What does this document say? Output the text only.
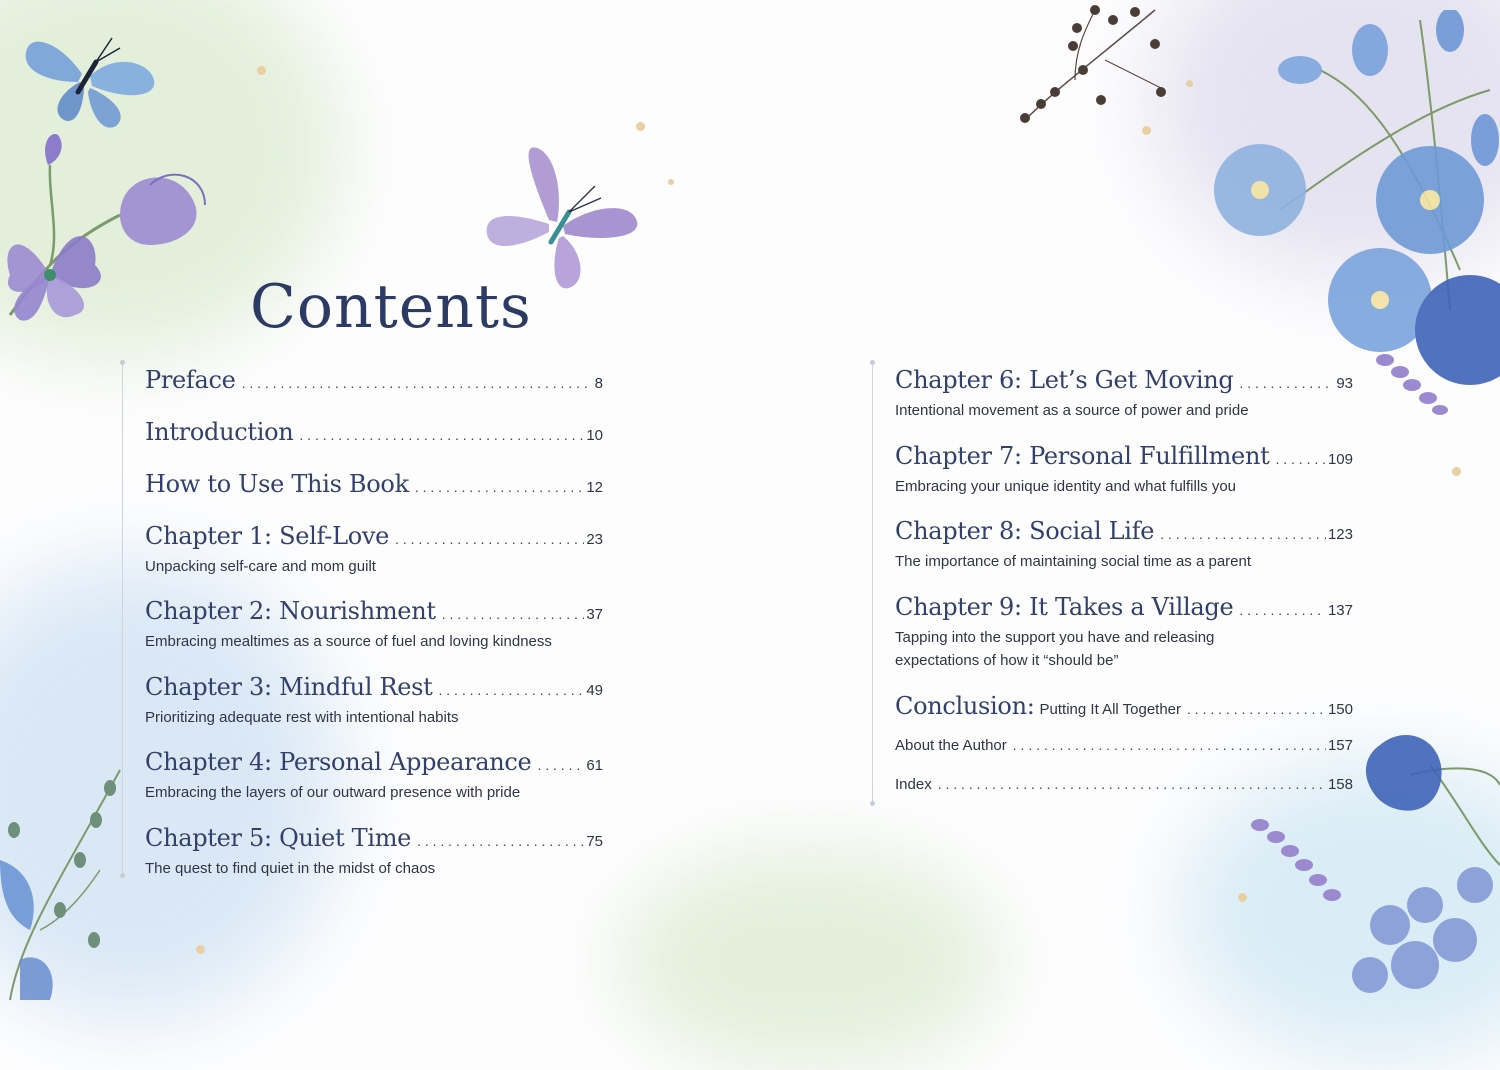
Contents
Preface . . .	8
Introduction . . .	10
How to Use This Book . . .	12
Chapter 1: Self-Love . . .	23
Unpacking self-care and mom guilt
Chapter 2: Nourishment . . .	37
Embracing mealtimes as a source of fuel and loving kindness
Chapter 3: Mindful Rest . . .	49
Prioritizing adequate rest with intentional habits
Chapter 4: Personal Appearance . . .	61
Embracing the layers of our outward presence with pride
Chapter 5: Quiet Time . . .	75
The quest to find quiet in the midst of chaos
Chapter 6: Let’s Get Moving . . .	93
Intentional movement as a source of power and pride
Chapter 7: Personal Fulfillment . . .	109
Embracing your unique identity and what fulfills you
Chapter 8: Social Life . . .	123
The importance of maintaining social time as a parent
Chapter 9: It Takes a Village . . .	137
Tapping into the support you have and releasing expectations of how it “should be”
Conclusion: Putting It All Together . . .	150
About the Author . . .	157
Index . . .	158
